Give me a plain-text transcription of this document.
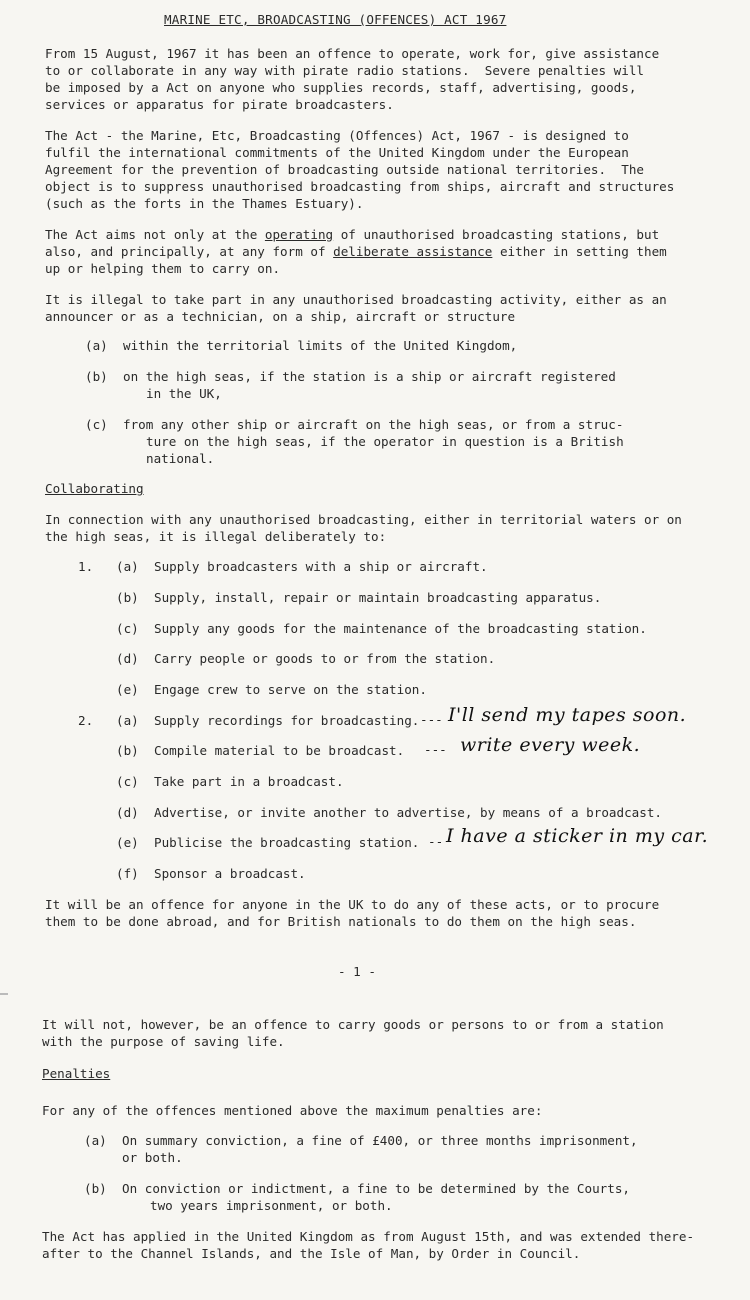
MARINE ETC, BROADCASTING (OFFENCES) ACT 1967
From 15 August, 1967 it has been an offence to operate, work for, give assistance
to or collaborate in any way with pirate radio stations.  Severe penalties will
be imposed by a Act on anyone who supplies records, staff, advertising, goods,
services or apparatus for pirate broadcasters.
The Act - the Marine, Etc, Broadcasting (Offences) Act, 1967 - is designed to
fulfil the international commitments of the United Kingdom under the European
Agreement for the prevention of broadcasting outside national territories.  The
object is to suppress unauthorised broadcasting from ships, aircraft and structures
(such as the forts in the Thames Estuary).
The Act aims not only at the operating of unauthorised broadcasting stations, but
also, and principally, at any form of deliberate assistance either in setting them
up or helping them to carry on.
It is illegal to take part in any unauthorised broadcasting activity, either as an
announcer or as a technician, on a ship, aircraft or structure
(a) within the territorial limits of the United Kingdom,
(b) on the high seas, if the station is a ship or aircraft registered
in the UK,
(c) from any other ship or aircraft on the high seas, or from a struc-
ture on the high seas, if the operator in question is a British
national.
Collaborating
In connection with any unauthorised broadcasting, either in territorial waters or on
the high seas, it is illegal deliberately to:
1. (a) Supply broadcasters with a ship or aircraft.
(b) Supply, install, repair or maintain broadcasting apparatus.
(c) Supply any goods for the maintenance of the broadcasting station.
(d) Carry people or goods to or from the station.
(e) Engage crew to serve on the station.
2. (a) Supply recordings for broadcasting. --- I'll send my tapes soon.
(b) Compile material to be broadcast. --- write every week.
(c) Take part in a broadcast.
(d) Advertise, or invite another to advertise, by means of a broadcast.
(e) Publicise the broadcasting station. -- I have a sticker in my car.
(f) Sponsor a broadcast.
It will be an offence for anyone in the UK to do any of these acts, or to procure
them to be done abroad, and for British nationals to do them on the high seas.
- 1 -
It will not, however, be an offence to carry goods or persons to or from a station
with the purpose of saving life.
Penalties
For any of the offences mentioned above the maximum penalties are:
(a) On summary conviction, a fine of £400, or three months imprisonment,
or both.
(b) On conviction or indictment, a fine to be determined by the Courts,
two years imprisonment, or both.
The Act has applied in the United Kingdom as from August 15th, and was extended there-
after to the Channel Islands, and the Isle of Man, by Order in Council.
